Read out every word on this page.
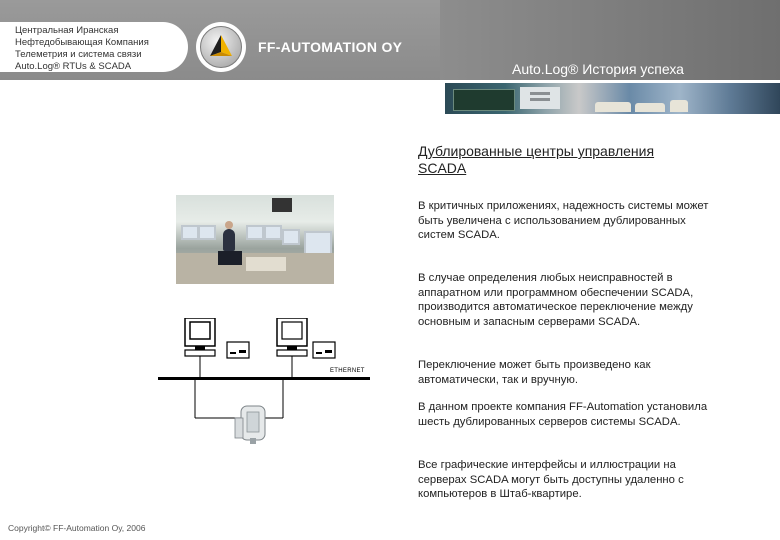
Центральная Иранская
Нефтедобывающая Компания
Телеметрия и система связи
Auto.Log® RTUs & SCADA
FF-AUTOMATION OY
Auto.Log® История успеха
ETHERNET
Дублированные центры управления SCADA
В критичных приложениях, надежность системы может быть увеличена с использованием дублированных систем SCADA.
В случае определения любых неисправностей в аппаратном или программном обеспечении SCADA, производится автоматическое переключение между основным и запасным серверами SCADA.
Переключение может быть произведено как автоматически, так и вручную.
В данном проекте компания FF-Automation установила шесть дублированных серверов системы SCADA.
Все графические интерфейсы и иллюстрации на серверах SCADA могут быть доступны удаленно с компьютеров в Штаб-квартире.
Copyright© FF-Automation Oy, 2006
